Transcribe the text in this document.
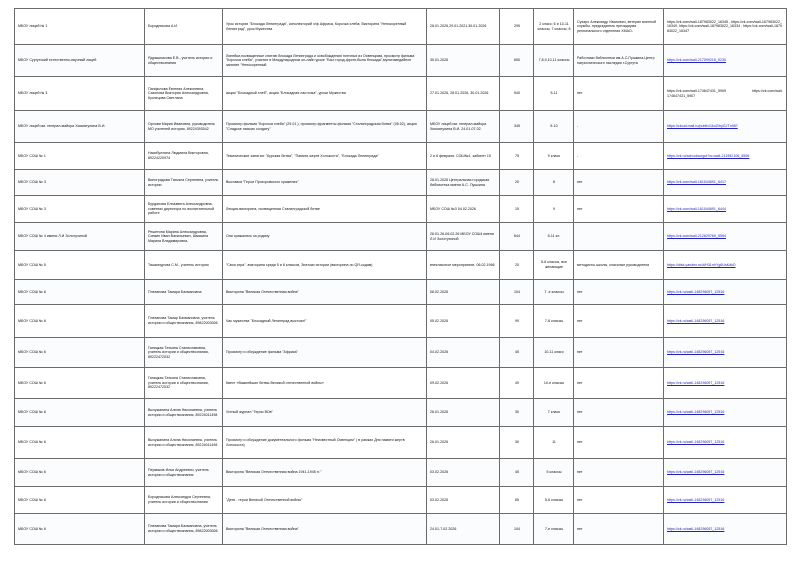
МБОУ лицей № 1	Бородникова А.И.	Урок истории "Блокада Ленинграда", кинолекторий х/ф Африка, Корочка хлеба; Викторина "Непокоренный Ленинград", урок Мужества	28.01.2026,29.01.2021,30.01.2026	295	2 класс; 6 и 10-11 классы; 7 классы; 8	Сухаро Александр Иванович, ветеран военной службы, председатель президиума регионального отделения ХМАО-	https://vk.com/wall-187983022_16345 , https://vk.com/wall-187983022_16349, https://vk.com/wall-187983022_16334 , https://vk.com/wall-187983022_16347
МБОУ Сургутский естественно-научный лицей	Ядрышникова Е.В., учитель истории и обществознания	Линейки,посвященные снятию блокада Ленинграда и освобождению плечных из Освенцима, просмотр фильма "Корочка хлеба", участие в Международном он-лайн уроке "Был город-фронт,была блокада",мультимедийное занятие "Непокоренный	30.01.2026	650	7,8,9,10,11 классы	Работники библиотеки им.А.С.Пушкина,Центр патриотического наследия г.Сургута	https://vk.com/wall-217099216_5230
МБОУ лицей № 3	Панфилова Евгения Алексеевна, Сазонова Виктория Александровна, Кузнецова Светлана	акция "Блокадный хлеб", акция "Блокадная ласточка", уроки Мужества	27.01.2026, 28.01.2026, 30.01.2026	540	5-11	нет	https://vk.com/wall-174647431_5909 https://vk.com/wall-174647431_5907
МБОУ лицей им. генерал-майора Хисматулина В.И.	Орлова Мария Ивановна, руководитель МО учителей истории, 89224393042	Просмотр фильма "Корочка хлеба" (29.01.), просмотр фрагменты фильма "Сталинградская битва" (05.02), акция "Сладкое письмо солдату"	МБОУ лицей им. генерал-майора Хисматулина В.И. 24.01-07.02.	345	5-10	-	https://cloud.mail.ru/public/1koZ/byGJTn987
МБОУ СОШ № 1	Насибуллина Людмила Викторовна, 89224220974	Тематические занятия: "Курская битва", "Памяти жертв Холокоста", "Блокада Ленинграда"	2 и 6 февраля, СОШ№1, кабинет 15	75	9 класс	-	https://vk.ru/schoolsurgut?w=wall-211952106_5596
МБОУ СОШ № 3	Виноградова Татьяна Сергеевна, учитель истории	Выставка "Герои Прохоровского сражения"	28.01.2026 Центральная городская библиотека имени А.С. Пушкина	20	8	нет	https://vk.com/wall-161044691_6417
МБОУ СОШ № 3	Бурданова Елизавета Александровна, советник директора по воспитательной работе	Лекция-викторина, посвященная Сталинградской битве	МБОУ СОШ №3 04.02.2026	15	9	нет	https://vk.com/wall-161044691_6444
МБОУ СОШ № 4 имени Л.И Золотухиной	Решетина Марина Александровна, Сипкин Иван Васильевич, Шмякина Марина Владимировна,	Они сражались за родину	26.01.26-06.02.26 МБОУ СОШ4 имени Л.И Золотухиной	644	5-11 кл.		https://vk.com/wall-212629769_5554
МБОУ СОШ № 5	Ташкинурова С.М., учитель истории	"Своя игра"- викторина среди 5 и 6 классов, Знатоки истории (викторина по QR-кодам)	внеклассное мероприятие, 06.02.1966	20	5-6 классы, все желающие	методисты школы, классные руководители	https://disk.yandex.ru/d/H3LnhYg6UsKdkD
МБОУ СОШ № 6	Плеханова Тамара Бахмановна	Викторина "Великая Отечественная война"	06.02.2026	104	7 -е классы	нет	https://vk.ru/wall-148296057_12516
МБОУ СОШ № 6	Плеханова Тамар Бахмановна, учитель истории и обществознания, 89822003006	Час мужества "Блокадный Ленинград выстоял!"	05.02.2026	99	7-8 классы	нет	https://vk.ru/wall-148296057_12516
МБОУ СОШ № 6	Гапицкая Татьяна Станиславовна, учитель истории и обществознания, 89222472032	Просмотр и обсуждение фильма "Африка"	04.02.2026	45	10-11 класс	нет	https://vk.ru/wall-148296057_12516
МБОУ СОШ № 6	Гапицкая Татьяна Станиславовна, учитель истории и обществознания, 89222472032	Квест «Важнейшие битвы Великой отечественной войны»	09.02.2026	49	10-е классы	нет	https://vk.ru/wall-148296057_12516
МБОУ СОШ № 6	Вычужанина Алина Николаевна, учитель истории и обществознания, 89224011498	Устный журнал "Герои ВОв"	26.01.2026	30	7 класс	нет	https://vk.ru/wall-148296057_12516
МБОУ СОШ № 6	Вычужанина Алина Николаевна, учитель истории и обществознания, 89224011498	Просмотр и обсуждение документального фильма "Неизвестный Освенцим" ( в рамках Дня памяти жертв Холокоста)	26.01.2026	30	11	нет	https://vk.ru/wall-148296057_12516
МБОУ СОШ № 6	Пермяков Илья Андреевич, учитель истории и обществознания	Викторина "Великая Отечественная война 1941-1945 гг."	03.02.2026	45	5 классы	нет	https://vk.ru/wall-148296057_12516
МБОУ СОШ № 6	Бородникова Александра Сергеевна, учитель истории и обществознания	"Дети - герои Великой Отечественной войны"	03.02.2026	65	5-6 классы	нет	https://vk.ru/wall-148296057_12516
МБОУ СОШ № 6	Плеханова Тамара Бахмановна, учитель истории и обществознания, 89822003006	Викторина "Великая Отечественная война"	24.01-7.02.2026	104	7-е классы	нет	https://vk.ru/wall-148296057_12516
